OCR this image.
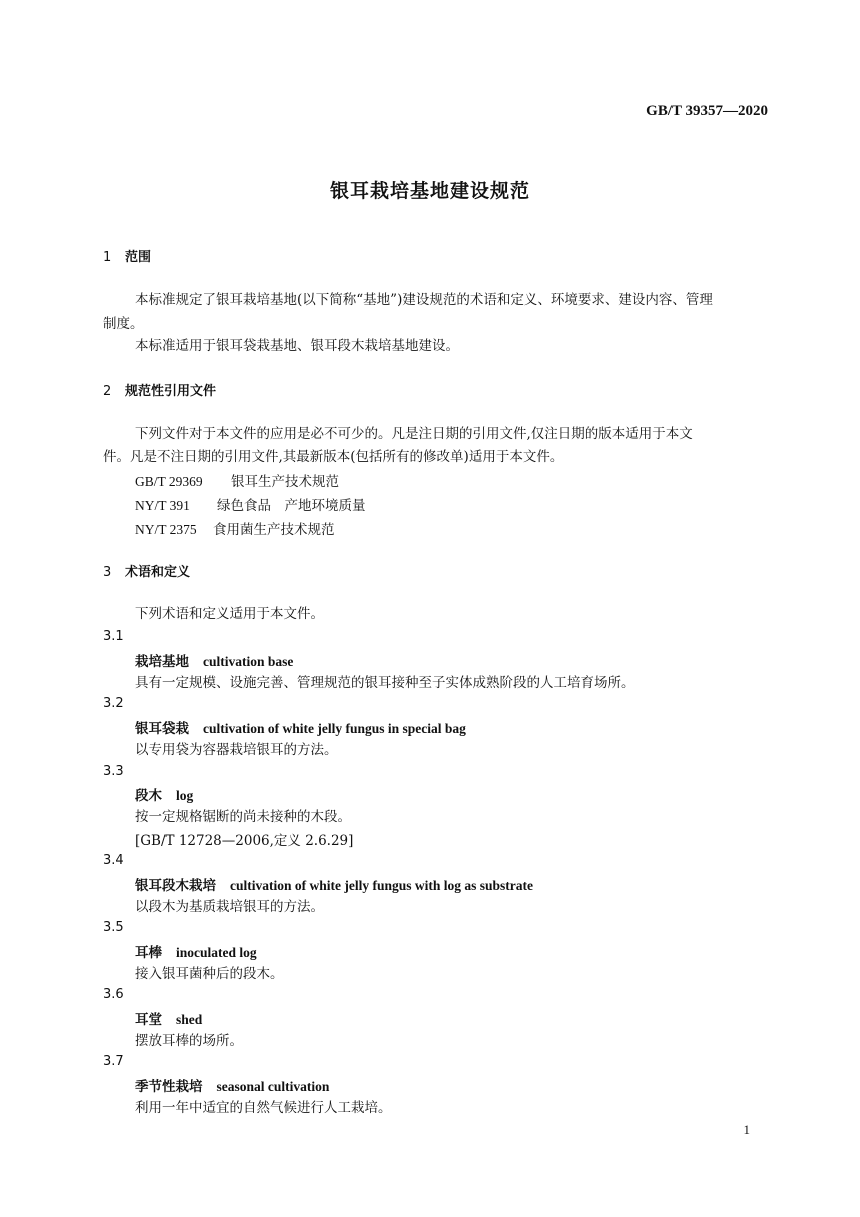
GB/T 39357—2020
银耳栽培基地建设规范
1 范围
本标准规定了银耳栽培基地(以下简称“基地”)建设规范的术语和定义、环境要求、建设内容、管理
制度。
本标准适用于银耳袋栽基地、银耳段木栽培基地建设。
2 规范性引用文件
下列文件对于本文件的应用是必不可少的。凡是注日期的引用文件,仅注日期的版本适用于本文
件。凡是不注日期的引用文件,其最新版本(包括所有的修改单)适用于本文件。
GB/T 29369 银耳生产技术规范
NY/T 391 绿色食品　产地环境质量
NY/T 2375 食用菌生产技术规范
3 术语和定义
下列术语和定义适用于本文件。
3.1
栽培基地 cultivation base
具有一定规模、设施完善、管理规范的银耳接种至子实体成熟阶段的人工培育场所。
3.2
银耳袋栽 cultivation of white jelly fungus in special bag
以专用袋为容器栽培银耳的方法。
3.3
段木 log
按一定规格锯断的尚未接种的木段。
[GB/T 12728—2006,定义 2.6.29]
3.4
银耳段木栽培 cultivation of white jelly fungus with log as substrate
以段木为基质栽培银耳的方法。
3.5
耳棒 inoculated log
接入银耳菌种后的段木。
3.6
耳堂 shed
摆放耳棒的场所。
3.7
季节性栽培 seasonal cultivation
利用一年中适宜的自然气候进行人工栽培。
1
